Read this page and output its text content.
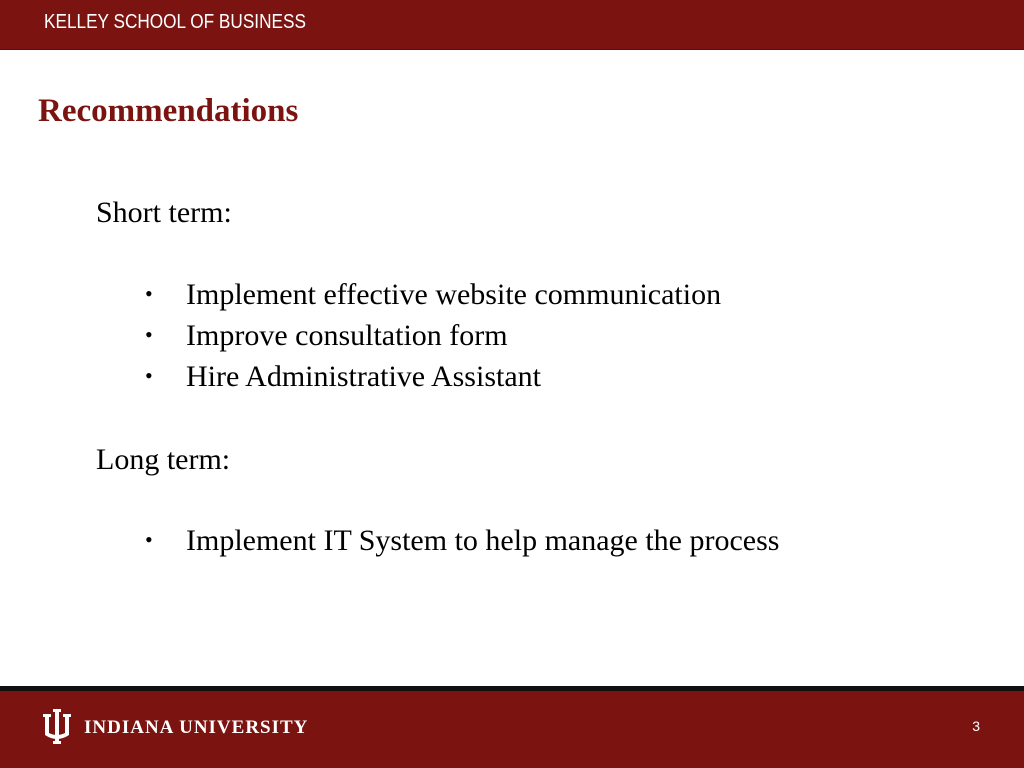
KELLEY SCHOOL OF BUSINESS
Recommendations
Short term:
•	Implement effective website communication
•	Improve consultation form
•	Hire Administrative Assistant
Long term:
•	Implement IT System to help manage the process
INDIANA UNIVERSITY	3
